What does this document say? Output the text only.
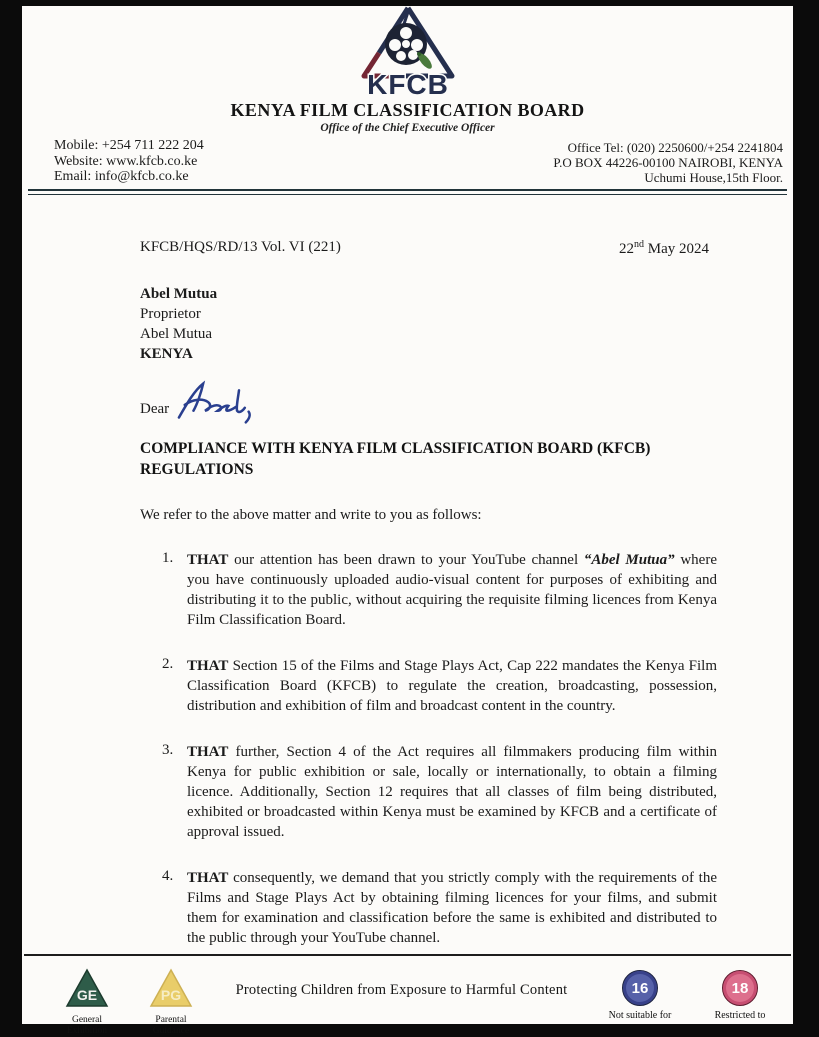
KFCB
KENYA FILM CLASSIFICATION BOARD
Office of the Chief Executive Officer
Mobile: +254 711 222 204
Website: www.kfcb.co.ke
Email: info@kfcb.co.ke
Office Tel: (020) 2250600/+254 2241804
P.O BOX 44226-00100 NAIROBI, KENYA
Uchumi House,15th Floor.
KFCB/HQS/RD/13 Vol. VI (221)	22nd May 2024
Abel Mutua
Proprietor
Abel Mutua
KENYA
Dear
COMPLIANCE WITH KENYA FILM CLASSIFICATION BOARD (KFCB)
REGULATIONS
We refer to the above matter and write to you as follows:
1. THAT our attention has been drawn to your YouTube channel “Abel Mutua” where you have continuously uploaded audio-visual content for purposes of exhibiting and distributing it to the public, without acquiring the requisite filming licences from Kenya Film Classification Board.
2. THAT Section 15 of the Films and Stage Plays Act, Cap 222 mandates the Kenya Film Classification Board (KFCB) to regulate the creation, broadcasting, possession, distribution and exhibition of film and broadcast content in the country.
3. THAT further, Section 4 of the Act requires all filmmakers producing film within Kenya for public exhibition or sale, locally or internationally, to obtain a filming licence. Additionally, Section 12 requires that all classes of film being distributed, exhibited or broadcasted within Kenya must be examined by KFCB and a certificate of approval issued.
4. THAT consequently, we demand that you strictly comply with the requirements of the Films and Stage Plays Act by obtaining filming licences for your films, and submit them for examination and classification before the same is exhibited and distributed to the public through your YouTube channel.
GE
General
Exhibition
PG
Parental
Guidance
Protecting Children from Exposure to Harmful Content	16
Not suitable for
18
Restricted to
